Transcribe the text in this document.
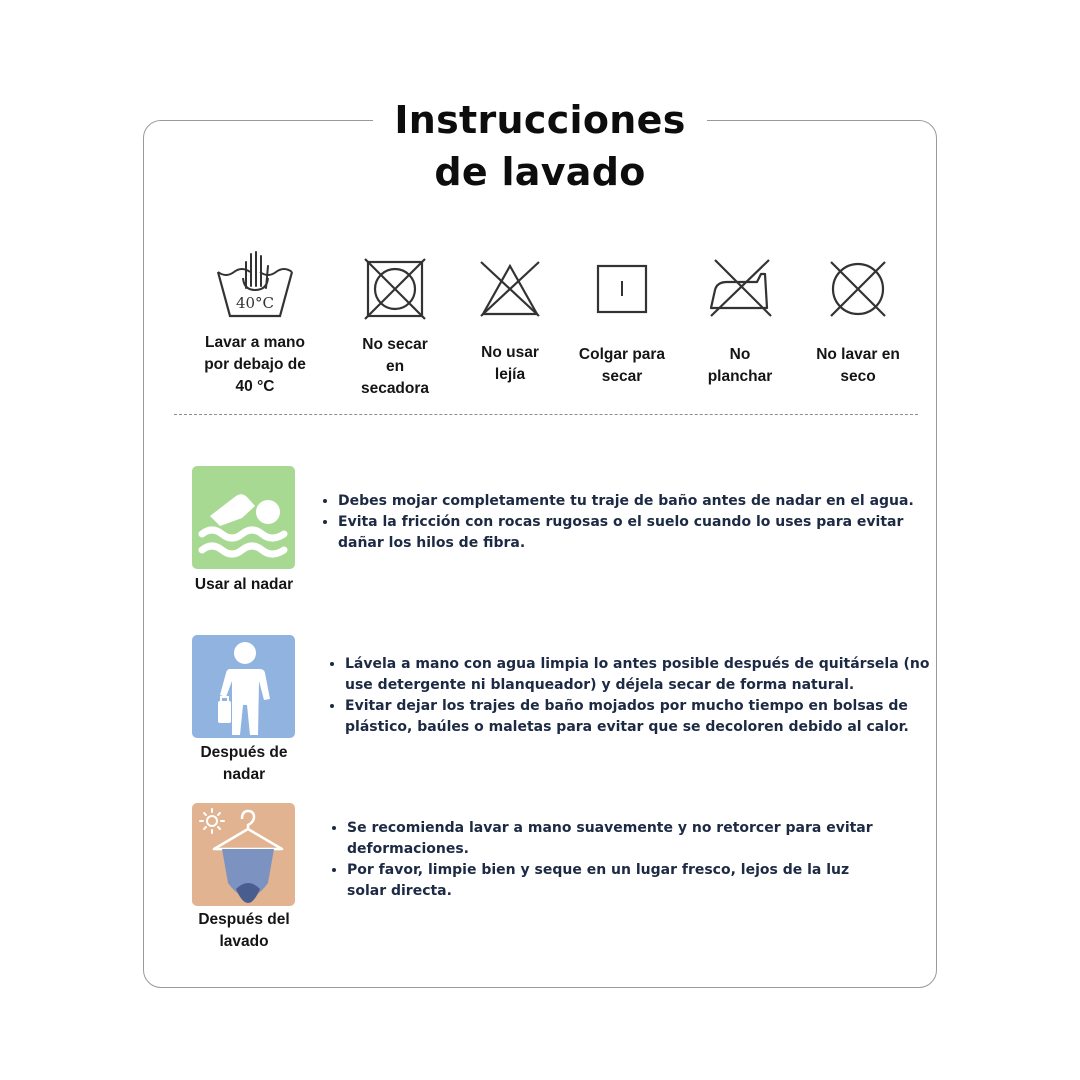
Instrucciones
de lavado
40°C
Lavar a mano
por debajo de
40 °C
No secar
en
secadora
No usar
lejía
Colgar para
secar
No
planchar
No lavar en
seco
Usar al nadar
• Debes mojar completamente tu traje de baño antes de nadar en el agua.
• Evita la fricción con rocas rugosas o el suelo cuando lo uses para evitar dañar los hilos de fibra.
Después de
nadar
• Lávela a mano con agua limpia lo antes posible después de quitársela (no use detergente ni blanqueador) y déjela secar de forma natural.
• Evitar dejar los trajes de baño mojados por mucho tiempo en bolsas de plástico, baúles o maletas para evitar que se decoloren debido al calor.
Después del
lavado
• Se recomienda lavar a mano suavemente y no retorcer para evitar deformaciones.
• Por favor, limpie bien y seque en un lugar fresco, lejos de la luz solar directa.
